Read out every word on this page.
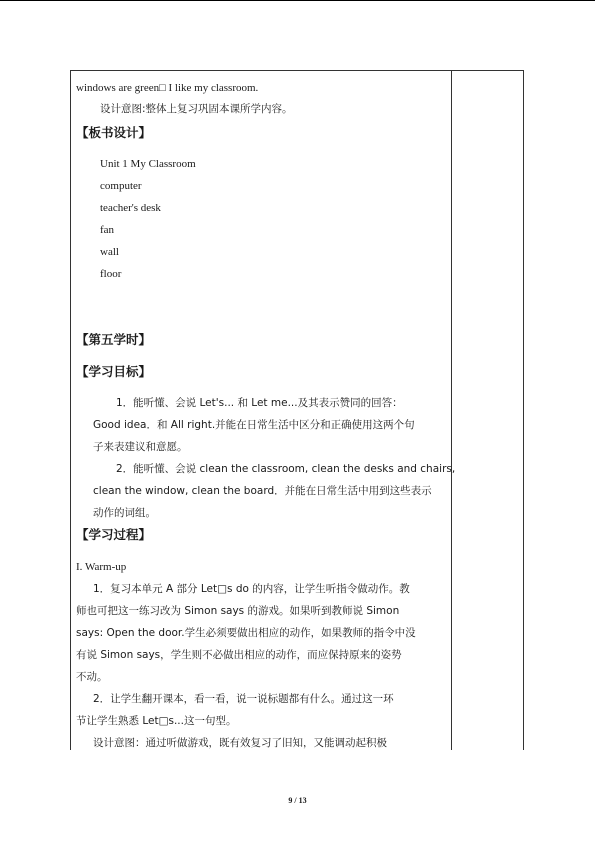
windows are green□ I like my classroom.
设计意图:整体上复习巩固本课所学内容。
【板书设计】
Unit 1 My Classroom
computer
teacher's desk
fan
wall
floor
【第五学时】
【学习目标】
1．能听懂、会说 Let's... 和 Let me...及其表示赞同的回答：
Good idea．和 All right.并能在日常生活中区分和正确使用这两个句
子来表建议和意愿。
2．能听懂、会说 clean the classroom, clean the desks and chairs,
clean the window, clean the board．并能在日常生活中用到这些表示
动作的词组。
【学习过程】
I. Warm-up
1．复习本单元 A 部分 Let□s do 的内容，让学生听指令做动作。教
师也可把这一练习改为 Simon says 的游戏。如果听到教师说 Simon
says: Open the door.学生必须要做出相应的动作，如果教师的指令中没
有说 Simon says，学生则不必做出相应的动作，而应保持原来的姿势
不动。
2．让学生翻开课本，看一看，说一说标题都有什么。通过这一环
节让学生熟悉 Let□s...这一句型。
设计意图：通过听做游戏，既有效复习了旧知，又能调动起积极
9 / 13
